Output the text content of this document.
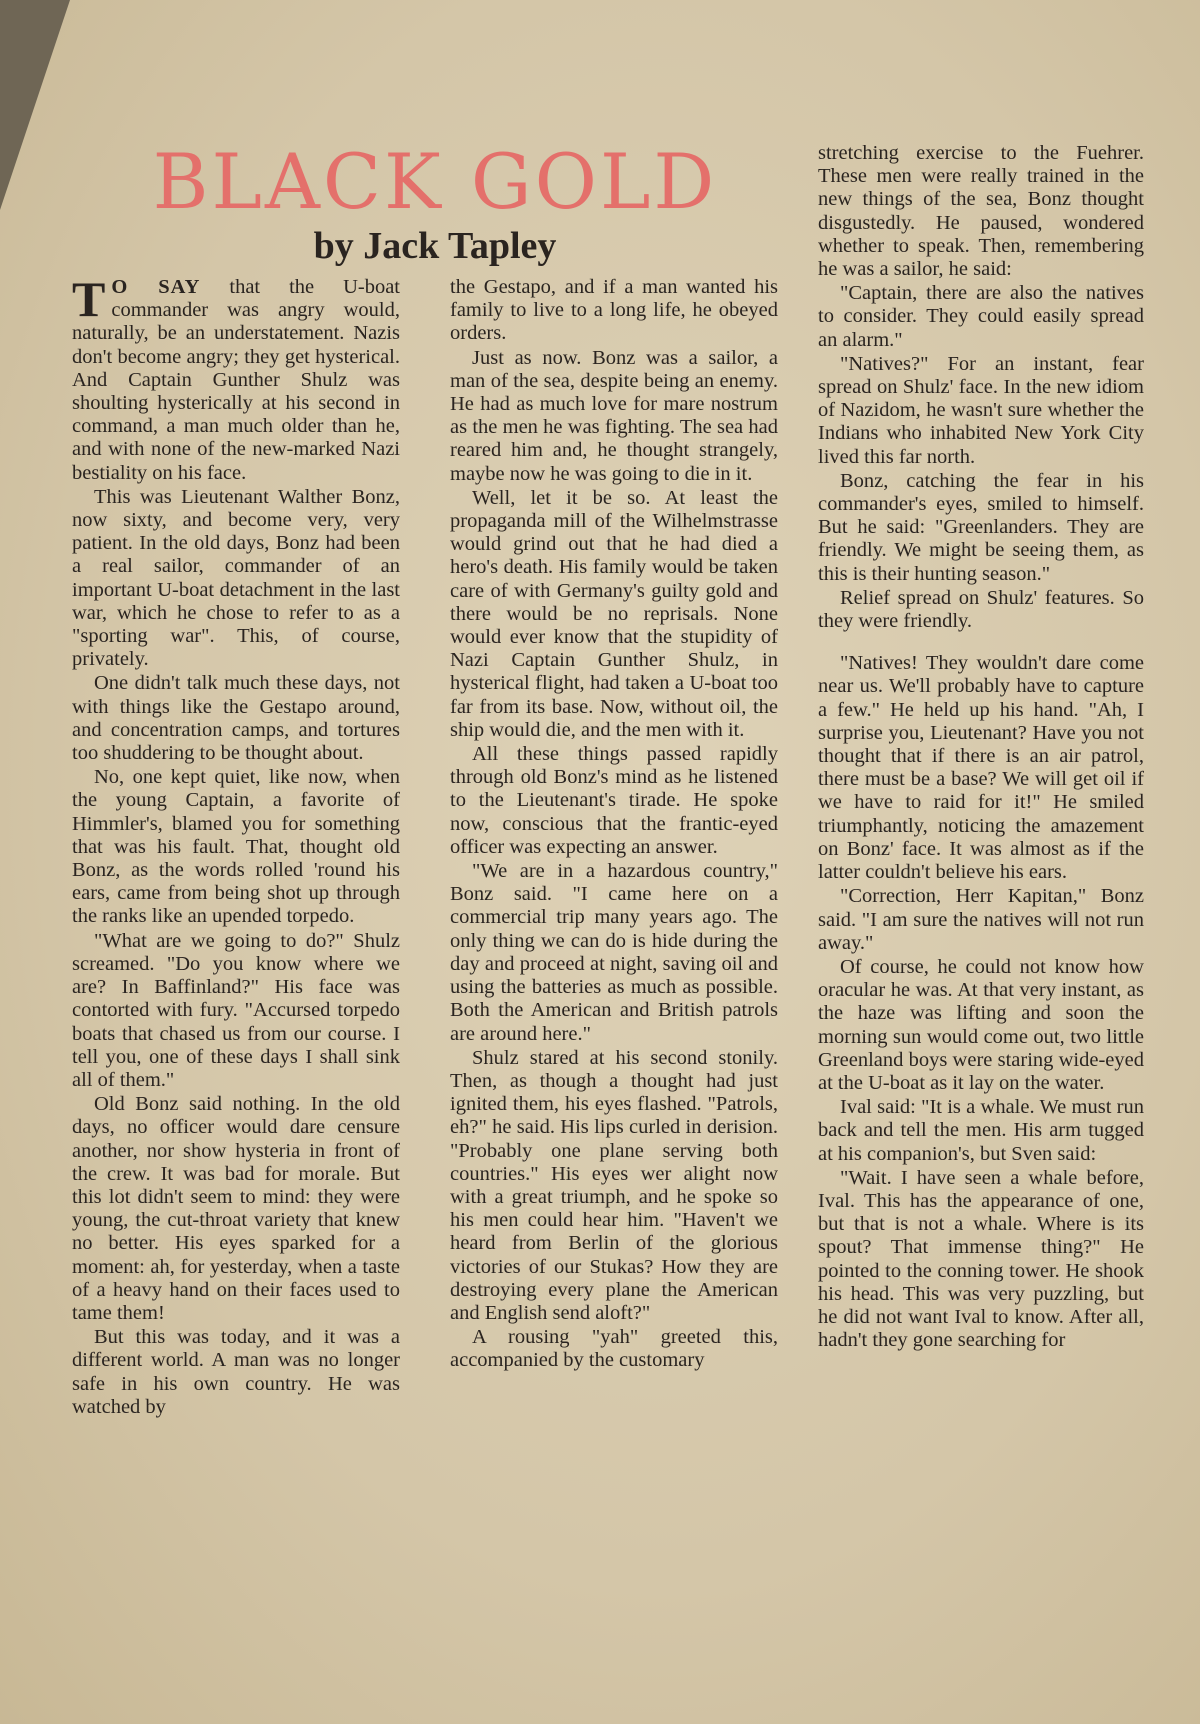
BLACK GOLD
by Jack Tapley

T O SAY that the U-boat commander was angry would, naturally, be an understatement. Nazis don't become angry; they get hysterical. And Captain Gunther Shulz was shoulting hysterically at his second in command, a man much older than he, and with none of the new-marked Nazi bestiality on his face.

This was Lieutenant Walther Bonz, now sixty, and become very, very patient. In the old days, Bonz had been a real sailor, commander of an important U-boat detachment in the last war, which he chose to refer to as a "sporting war". This, of course, privately.

One didn't talk much these days, not with things like the Gestapo around, and concentration camps, and tortures too shuddering to be thought about.

No, one kept quiet, like now, when the young Captain, a favorite of Himmler's, blamed you for something that was his fault. That, thought old Bonz, as the words rolled 'round his ears, came from being shot up through the ranks like an upended torpedo.

"What are we going to do?" Shulz screamed. "Do you know where we are? In Baffinland?" His face was contorted with fury. "Accursed torpedo boats that chased us from our course. I tell you, one of these days I shall sink all of them."

Old Bonz said nothing. In the old days, no officer would dare censure another, nor show hysteria in front of the crew. It was bad for morale. But this lot didn't seem to mind: they were young, the cut-throat variety that knew no better. His eyes sparked for a moment: ah, for yesterday, when a taste of a heavy hand on their faces used to tame them!

But this was today, and it was a different world. A man was no longer safe in his own country. He was watched by

the Gestapo, and if a man wanted his family to live to a long life, he obeyed orders.

Just as now. Bonz was a sailor, a man of the sea, despite being an enemy. He had as much love for mare nostrum as the men he was fighting. The sea had reared him and, he thought strangely, maybe now he was going to die in it.

Well, let it be so. At least the propaganda mill of the Wilhelmstrasse would grind out that he had died a hero's death. His family would be taken care of with Germany's guilty gold and there would be no reprisals. None would ever know that the stupidity of Nazi Captain Gunther Shulz, in hysterical flight, had taken a U-boat too far from its base. Now, without oil, the ship would die, and the men with it.

All these things passed rapidly through old Bonz's mind as he listened to the Lieutenant's tirade. He spoke now, conscious that the frantic-eyed officer was expecting an answer.

"We are in a hazardous country," Bonz said. "I came here on a commercial trip many years ago. The only thing we can do is hide during the day and proceed at night, saving oil and using the batteries as much as possible. Both the American and British patrols are around here."

Shulz stared at his second stonily. Then, as though a thought had just ignited them, his eyes flashed. "Patrols, eh?" he said. His lips curled in derision. "Probably one plane serving both countries." His eyes wer alight now with a great triumph, and he spoke so his men could hear him. "Haven't we heard from Berlin of the glorious victories of our Stukas? How they are destroying every plane the American and English send aloft?"

A rousing "yah" greeted this, accompanied by the customary

stretching exercise to the Fuehrer. These men were really trained in the new things of the sea, Bonz thought disgustedly. He paused, wondered whether to speak. Then, remembering he was a sailor, he said:

"Captain, there are also the natives to consider. They could easily spread an alarm."

"Natives?" For an instant, fear spread on Shulz' face. In the new idiom of Nazidom, he wasn't sure whether the Indians who inhabited New York City lived this far north.

Bonz, catching the fear in his commander's eyes, smiled to himself. But he said: "Greenlanders. They are friendly. We might be seeing them, as this is their hunting season."

Relief spread on Shulz' features. So they were friendly.

"Natives! They wouldn't dare come near us. We'll probably have to capture a few." He held up his hand. "Ah, I surprise you, Lieutenant? Have you not thought that if there is an air patrol, there must be a base? We will get oil if we have to raid for it!" He smiled triumphantly, noticing the amazement on Bonz' face. It was almost as if the latter couldn't believe his ears.

"Correction, Herr Kapitan," Bonz said. "I am sure the natives will not run away."

Of course, he could not know how oracular he was. At that very instant, as the haze was lifting and soon the morning sun would come out, two little Greenland boys were staring wide-eyed at the U-boat as it lay on the water.

Ival said: "It is a whale. We must run back and tell the men. His arm tugged at his companion's, but Sven said:

"Wait. I have seen a whale before, Ival. This has the appearance of one, but that is not a whale. Where is its spout? That immense thing?" He pointed to the conning tower. He shook his head. This was very puzzling, but he did not want Ival to know. After all, hadn't they gone searching for
